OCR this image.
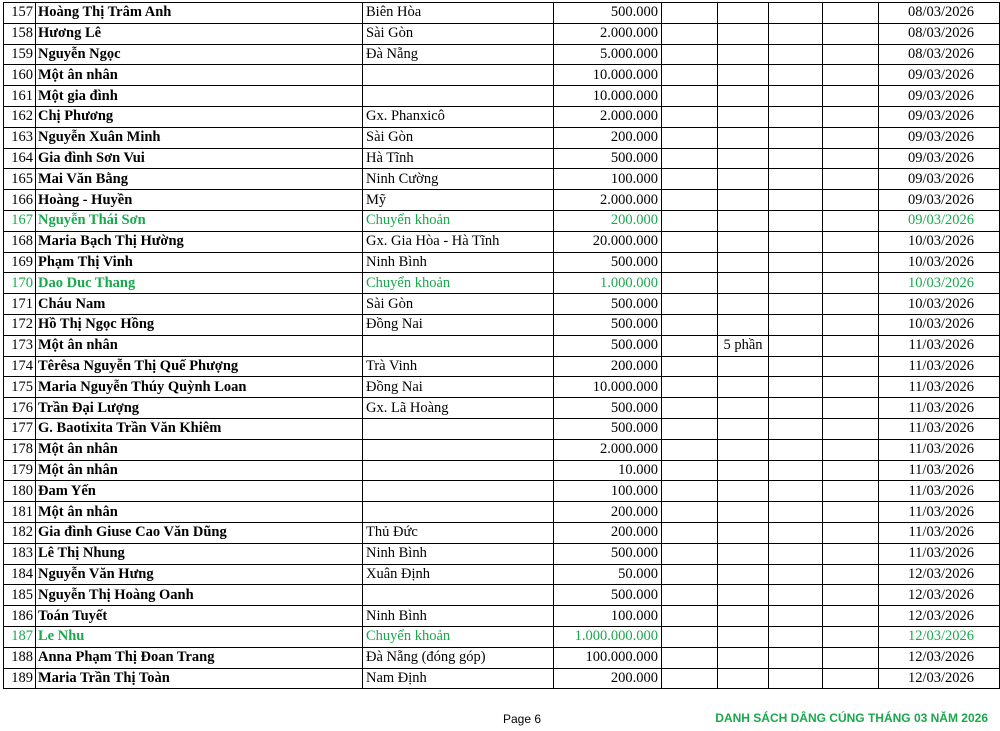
157	Hoàng Thị Trâm Anh	Biên Hòa	500.000					08/03/2026
158	Hương Lê	Sài Gòn	2.000.000					08/03/2026
159	Nguyễn Ngọc	Đà Nẵng	5.000.000					08/03/2026
160	Một ân nhân		10.000.000					09/03/2026
161	Một gia đình		10.000.000					09/03/2026
162	Chị Phương	Gx. Phanxicô	2.000.000					09/03/2026
163	Nguyễn Xuân Minh	Sài Gòn	200.000					09/03/2026
164	Gia đình Sơn Vui	Hà Tĩnh	500.000					09/03/2026
165	Mai Văn Bằng	Ninh Cường	100.000					09/03/2026
166	Hoàng - Huyền	Mỹ	2.000.000					09/03/2026
167	Nguyễn Thái Sơn	Chuyển khoản	200.000					09/03/2026
168	Maria Bạch Thị Hường	Gx. Gia Hòa - Hà Tĩnh	20.000.000					10/03/2026
169	Phạm Thị Vinh	Ninh Bình	500.000					10/03/2026
170	Dao Duc Thang	Chuyển khoản	1.000.000					10/03/2026
171	Cháu Nam	Sài Gòn	500.000					10/03/2026
172	Hồ Thị Ngọc Hồng	Đồng Nai	500.000					10/03/2026
173	Một ân nhân		500.000		5 phần			11/03/2026
174	Têrêsa Nguyễn Thị Quế Phượng	Trà Vinh	200.000					11/03/2026
175	Maria Nguyễn Thúy Quỳnh Loan	Đồng Nai	10.000.000					11/03/2026
176	Trần Đại Lượng	Gx. Lã Hoàng	500.000					11/03/2026
177	G. Baotixita Trần Văn Khiêm		500.000					11/03/2026
178	Một ân nhân		2.000.000					11/03/2026
179	Một ân nhân		10.000					11/03/2026
180	Đam Yến		100.000					11/03/2026
181	Một ân nhân		200.000					11/03/2026
182	Gia đình Giuse Cao Văn Dũng	Thủ Đức	200.000					11/03/2026
183	Lê Thị Nhung	Ninh Bình	500.000					11/03/2026
184	Nguyễn Văn Hưng	Xuân Định	50.000					12/03/2026
185	Nguyễn Thị Hoàng Oanh		500.000					12/03/2026
186	Toán Tuyết	Ninh Bình	100.000					12/03/2026
187	Le Nhu	Chuyển khoản	1.000.000.000					12/03/2026
188	Anna Phạm Thị Đoan Trang	Đà Nẵng (đóng góp)	100.000.000					12/03/2026
189	Maria Trần Thị Toàn	Nam Định	200.000					12/03/2026
Page 6	DANH SÁCH DÂNG CÚNG THÁNG 03 NĂM 2026
